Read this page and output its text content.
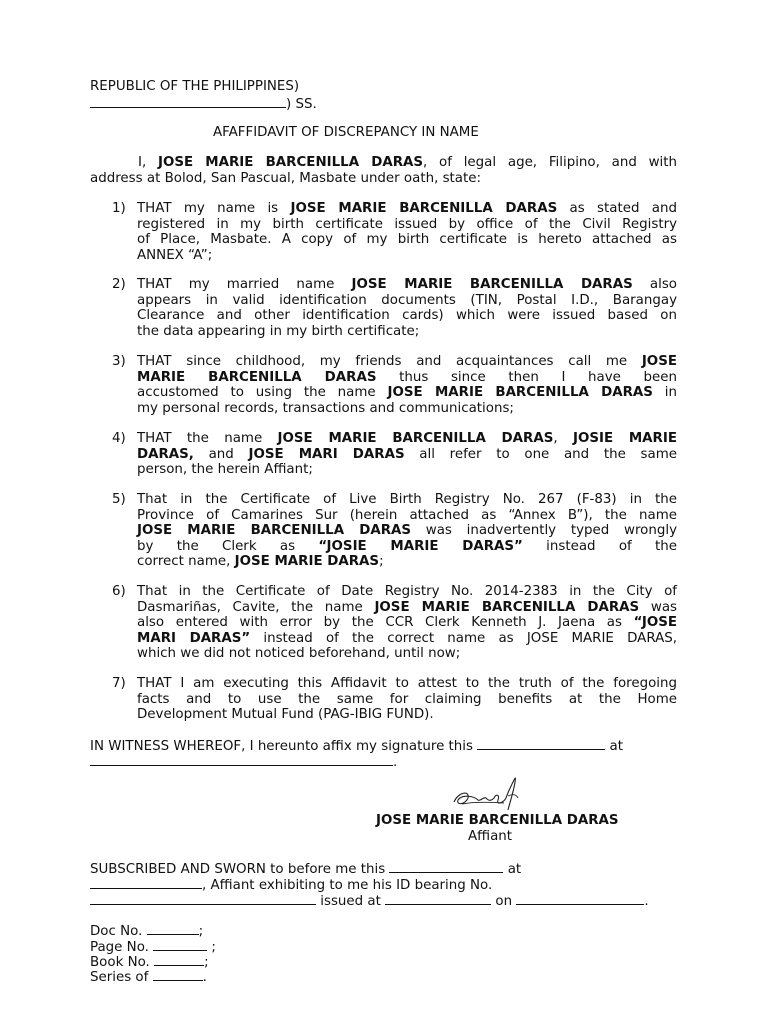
REPUBLIC OF THE PHILIPPINES)
) SS.
AFAFFIDAVIT OF DISCREPANCY IN NAME
I, JOSE MARIE BARCENILLA DARAS, of legal age, Filipino, and with
address at Bolod, San Pascual, Masbate under oath, state:
1) THAT my name is JOSE MARIE BARCENILLA DARAS as stated and
registered in my birth certificate issued by office of the Civil Registry
of Place, Masbate. A copy of my birth certificate is hereto attached as
ANNEX “A”;
2) THAT my married name JOSE MARIE BARCENILLA DARAS also
appears in valid identification documents (TIN, Postal I.D., Barangay
Clearance and other identification cards) which were issued based on
the data appearing in my birth certificate;
3) THAT since childhood, my friends and acquaintances call me JOSE
MARIE BARCENILLA DARAS thus since then I have been
accustomed to using the name JOSE MARIE BARCENILLA DARAS in
my personal records, transactions and communications;
4) THAT the name JOSE MARIE BARCENILLA DARAS, JOSIE MARIE
DARAS, and JOSE MARI DARAS all refer to one and the same
person, the herein Affiant;
5) That in the Certificate of Live Birth Registry No. 267 (F-83) in the
Province of Camarines Sur (herein attached as “Annex B”), the name
JOSE MARIE BARCENILLA DARAS was inadvertently typed wrongly
by the Clerk as “JOSIE MARIE DARAS” instead of the
correct name, JOSE MARIE DARAS;
6) That in the Certificate of Date Registry No. 2014-2383 in the City of
Dasmariñas, Cavite, the name JOSE MARIE BARCENILLA DARAS was
also entered with error by the CCR Clerk Kenneth J. Jaena as “JOSE
MARI DARAS” instead of the correct name as JOSE MARIE DARAS,
which we did not noticed beforehand, until now;
7) THAT I am executing this Affidavit to attest to the truth of the foregoing
facts and to use the same for claiming benefits at the Home
Development Mutual Fund (PAG-IBIG FUND).
IN WITNESS WHEREOF, I hereunto affix my signature this	at
.
JOSE MARIE BARCENILLA DARAS
Affiant
SUBSCRIBED AND SWORN to before me this	at
, Affiant exhibiting to me his ID bearing No.
issued at	on	.
Doc No.	;
Page No.	;
Book No.	;
Series of	.
